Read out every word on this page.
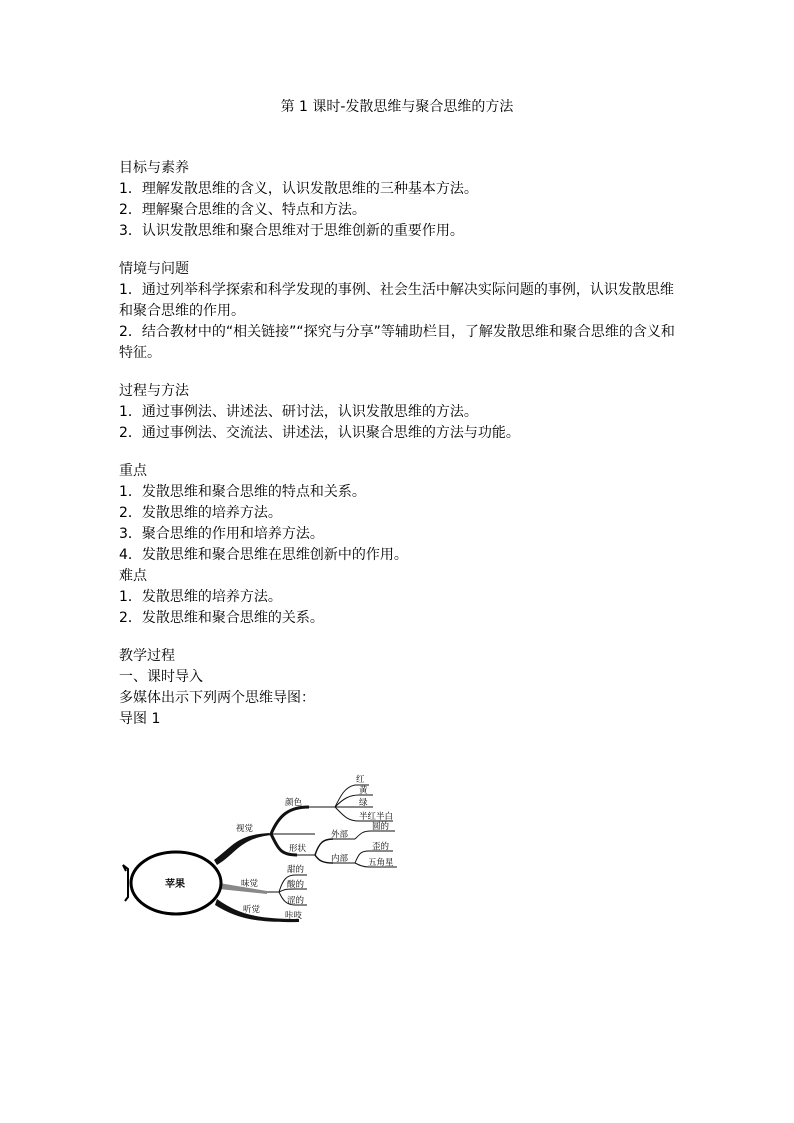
第 1 课时-发散思维与聚合思维的方法

目标与素养

1．理解发散思维的含义，认识发散思维的三种基本方法。

2．理解聚合思维的含义、特点和方法。

3．认识发散思维和聚合思维对于思维创新的重要作用。

情境与问题

1．通过列举科学探索和科学发现的事例、社会生活中解决实际问题的事例，认识发散思维和聚合思维的作用。

2．结合教材中的“相关链接”“探究与分享”等辅助栏目，了解发散思维和聚合思维的含义和特征。

过程与方法

1．通过事例法、讲述法、研讨法，认识发散思维的方法。

2．通过事例法、交流法、讲述法，认识聚合思维的方法与功能。

重点

1．发散思维和聚合思维的特点和关系。

2．发散思维的培养方法。

3．聚合思维的作用和培养方法。

4．发散思维和聚合思维在思维创新中的作用。

难点

1．发散思维的培养方法。

2．发散思维和聚合思维的关系。

教学过程

一、课时导入

多媒体出示下列两个思维导图：

导图 1

苹果
视觉
颜色
红
黄
绿
半红半白
形状
外部
内部
圆的
歪的
五角星
味觉
甜的
酸的
涩的
听觉
咔吱
